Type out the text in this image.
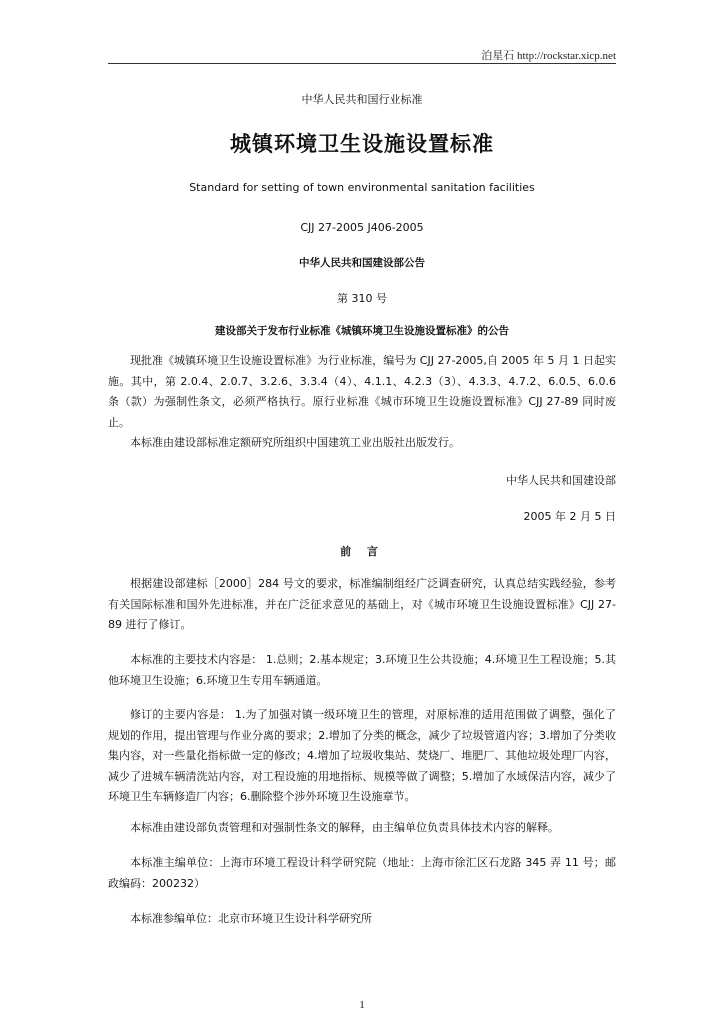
泊星石 http://rockstar.xicp.net
中华人民共和国行业标准
城镇环境卫生设施设置标准
Standard for setting of town environmental sanitation facilities
CJJ 27-2005 J406-2005
中华人民共和国建设部公告
第 310 号
建设部关于发布行业标准《城镇环境卫生设施设置标准》的公告

现批准《城镇环境卫生设施设置标准》为行业标准，编号为 CJJ 27-2005,自 2005 年 5 月 1 日起实施。其中，第 2.0.4、2.0.7、3.2.6、3.3.4（4）、4.1.1、4.2.3（3）、4.3.3、4.7.2、6.0.5、6.0.6 条（款）为强制性条文，必须严格执行。原行业标准《城市环境卫生设施设置标准》CJJ 27-89 同时废止。

本标准由建设部标准定额研究所组织中国建筑工业出版社出版发行。

中华人民共和国建设部
2005 年 2 月 5 日
前 言

根据建设部建标［2000］284 号文的要求，标准编制组经广泛调查研究，认真总结实践经验，参考有关国际标准和国外先进标准，并在广泛征求意见的基础上，对《城市环境卫生设施设置标准》CJJ 27-89 进行了修订。

本标准的主要技术内容是： 1.总则；2.基本规定；3.环境卫生公共设施；4.环境卫生工程设施；5.其他环境卫生设施；6.环境卫生专用车辆通道。

修订的主要内容是： 1.为了加强对镇一级环境卫生的管理，对原标准的适用范围做了调整，强化了规划的作用，提出管理与作业分离的要求；2.增加了分类的概念，减少了垃圾管道内容；3.增加了分类收集内容，对一些量化指标做一定的修改；4.增加了垃圾收集站、焚烧厂、堆肥厂、其他垃圾处理厂内容，减少了进城车辆清洗站内容，对工程设施的用地指标、规模等做了调整；5.增加了水域保洁内容，减少了环境卫生车辆修造厂内容；6.删除整个涉外环境卫生设施章节。

本标准由建设部负责管理和对强制性条文的解释，由主编单位负责具体技术内容的解释。

本标准主编单位：上海市环境工程设计科学研究院（地址：上海市徐汇区石龙路 345 弄 11 号；邮政编码：200232）

本标准参编单位：北京市环境卫生设计科学研究所

1
